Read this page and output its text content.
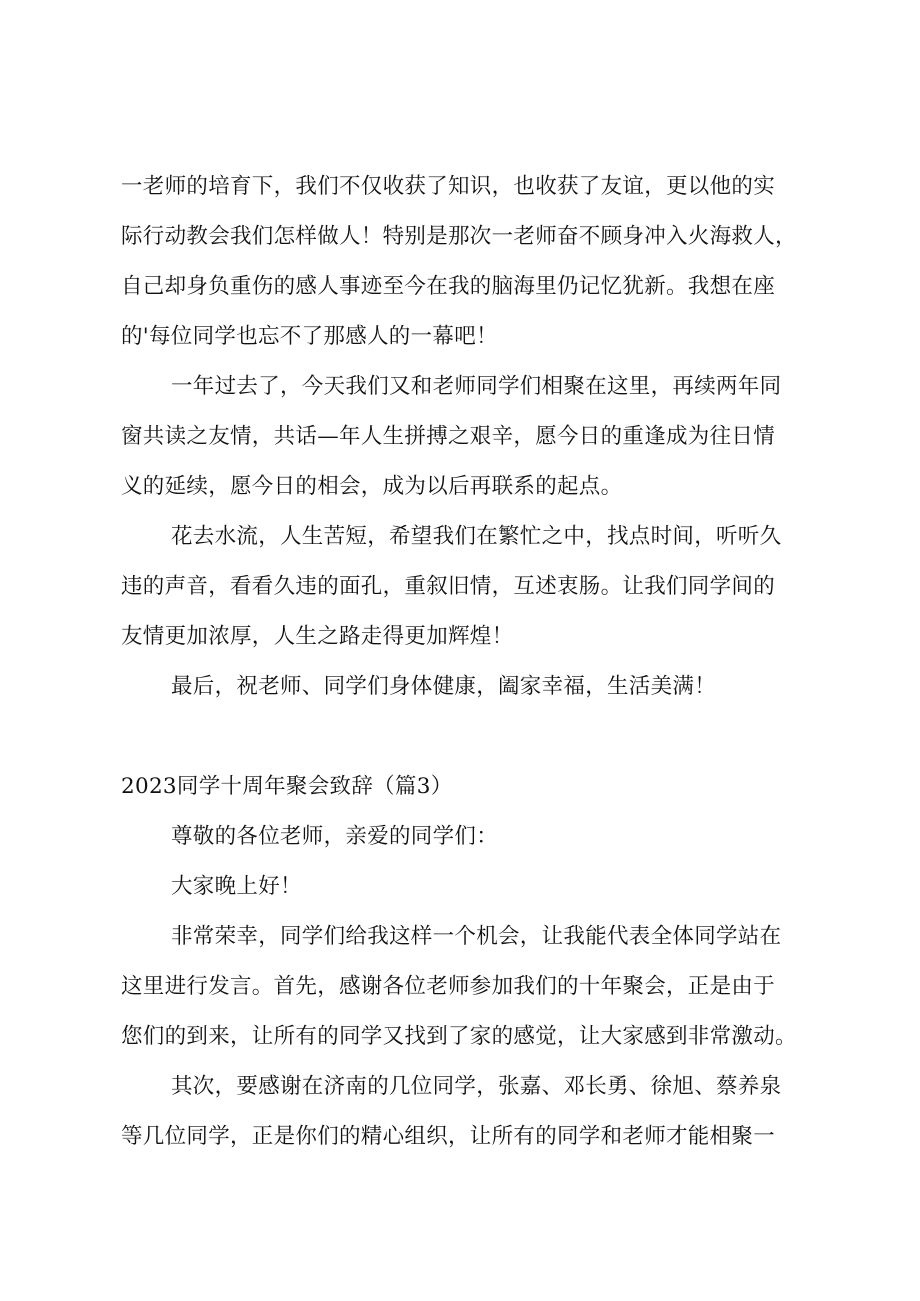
一老师的培育下，我们不仅收获了知识，也收获了友谊，更以他的实
际行动教会我们怎样做人！特别是那次一老师奋不顾身冲入火海救人，
自己却身负重伤的感人事迹至今在我的脑海里仍记忆犹新。我想在座
的'每位同学也忘不了那感人的一幕吧！
一年过去了，今天我们又和老师同学们相聚在这里，再续两年同
窗共读之友情，共话—年人生拼搏之艰辛，愿今日的重逢成为往日情
义的延续，愿今日的相会，成为以后再联系的起点。
花去水流，人生苦短，希望我们在繁忙之中，找点时间，听听久
违的声音，看看久违的面孔，重叙旧情，互述衷肠。让我们同学间的
友情更加浓厚，人生之路走得更加辉煌！
最后，祝老师、同学们身体健康，阖家幸福，生活美满！
2023同学十周年聚会致辞（篇3）
尊敬的各位老师，亲爱的同学们：
大家晚上好！
非常荣幸，同学们给我这样一个机会，让我能代表全体同学站在
这里进行发言。首先，感谢各位老师参加我们的十年聚会，正是由于
您们的到来，让所有的同学又找到了家的感觉，让大家感到非常激动。
其次，要感谢在济南的几位同学，张嘉、邓长勇、徐旭、蔡养泉
等几位同学，正是你们的精心组织，让所有的同学和老师才能相聚一
